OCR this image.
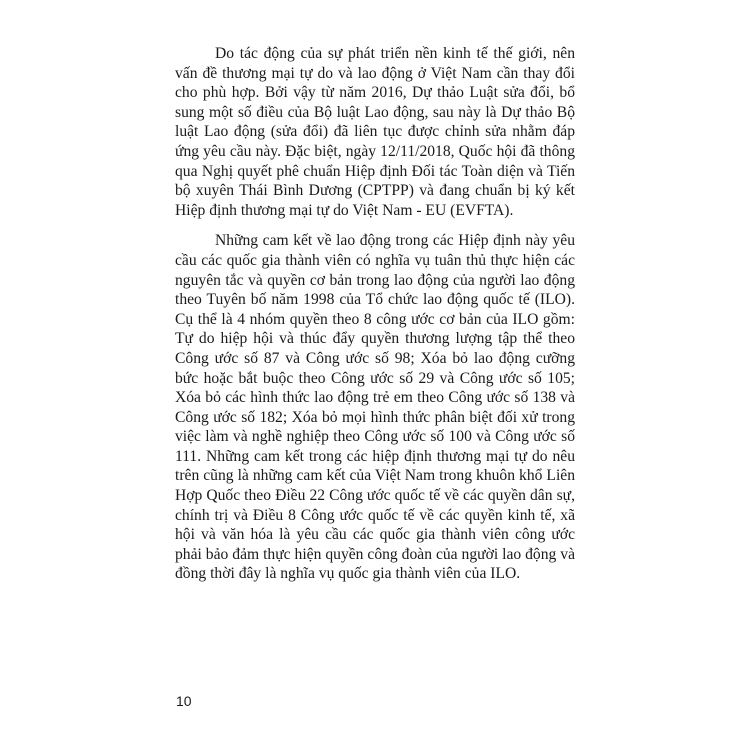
Do tác động của sự phát triển nền kinh tế thế giới, nên vấn đề thương mại tự do và lao động ở Việt Nam cần thay đổi cho phù hợp. Bởi vậy từ năm 2016, Dự thảo Luật sửa đổi, bổ sung một số điều của Bộ luật Lao động, sau này là Dự thảo Bộ luật Lao động (sửa đổi) đã liên tục được chỉnh sửa nhằm đáp ứng yêu cầu này. Đặc biệt, ngày 12/11/2018, Quốc hội đã thông qua Nghị quyết phê chuẩn Hiệp định Đối tác Toàn diện và Tiến bộ xuyên Thái Bình Dương (CPTPP) và đang chuẩn bị ký kết Hiệp định thương mại tự do Việt Nam - EU (EVFTA).

Những cam kết về lao động trong các Hiệp định này yêu cầu các quốc gia thành viên có nghĩa vụ tuân thủ thực hiện các nguyên tắc và quyền cơ bản trong lao động của người lao động theo Tuyên bố năm 1998 của Tổ chức lao động quốc tế (ILO). Cụ thể là 4 nhóm quyền theo 8 công ước cơ bản của ILO gồm: Tự do hiệp hội và thúc đẩy quyền thương lượng tập thể theo Công ước số 87 và Công ước số 98; Xóa bỏ lao động cưỡng bức hoặc bắt buộc theo Công ước số 29 và Công ước số 105; Xóa bỏ các hình thức lao động trẻ em theo Công ước số 138 và Công ước số 182; Xóa bỏ mọi hình thức phân biệt đối xử trong việc làm và nghề nghiệp theo Công ước số 100 và Công ước số 111. Những cam kết trong các hiệp định thương mại tự do nêu trên cũng là những cam kết của Việt Nam trong khuôn khổ Liên Hợp Quốc theo Điều 22 Công ước quốc tế về các quyền dân sự, chính trị và Điều 8 Công ước quốc tế về các quyền kinh tế, xã hội và văn hóa là yêu cầu các quốc gia thành viên công ước phải bảo đảm thực hiện quyền công đoàn của người lao động và đồng thời đây là nghĩa vụ quốc gia thành viên của ILO.

10
